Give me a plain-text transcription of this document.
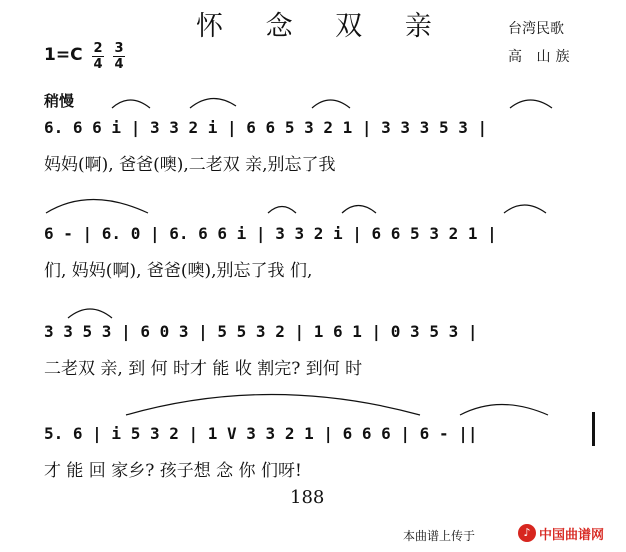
怀 念 双 亲	台湾民歌
高 山族
1=C 2
4
3
4
稍慢
6. 6 6 i | 3 3 2 i | 6 6 5 3 2 1 | 3 3 3 5 3 |
妈妈(啊), 爸爸(噢),二老双 亲,别忘了我
6 - | 6. 0 | 6. 6 6 i | 3 3 2 i | 6 6 5 3 2 1 |
们, 妈妈(啊), 爸爸(噢),别忘了我 们,
3 3 5 3 | 6 0 3 | 5 5 3 2 | 1 6 1 | 0 3 5 3 |
二老双 亲, 到 何 时才 能 收 割完? 到何 时
5. 6 | i 5 3 2 | 1 V 3 3 2 1 | 6 6 6 | 6 - ||
才 能 回 家乡? 孩子想 念 你 们呀!
188
本曲谱上传于	♪ 中国曲谱网
